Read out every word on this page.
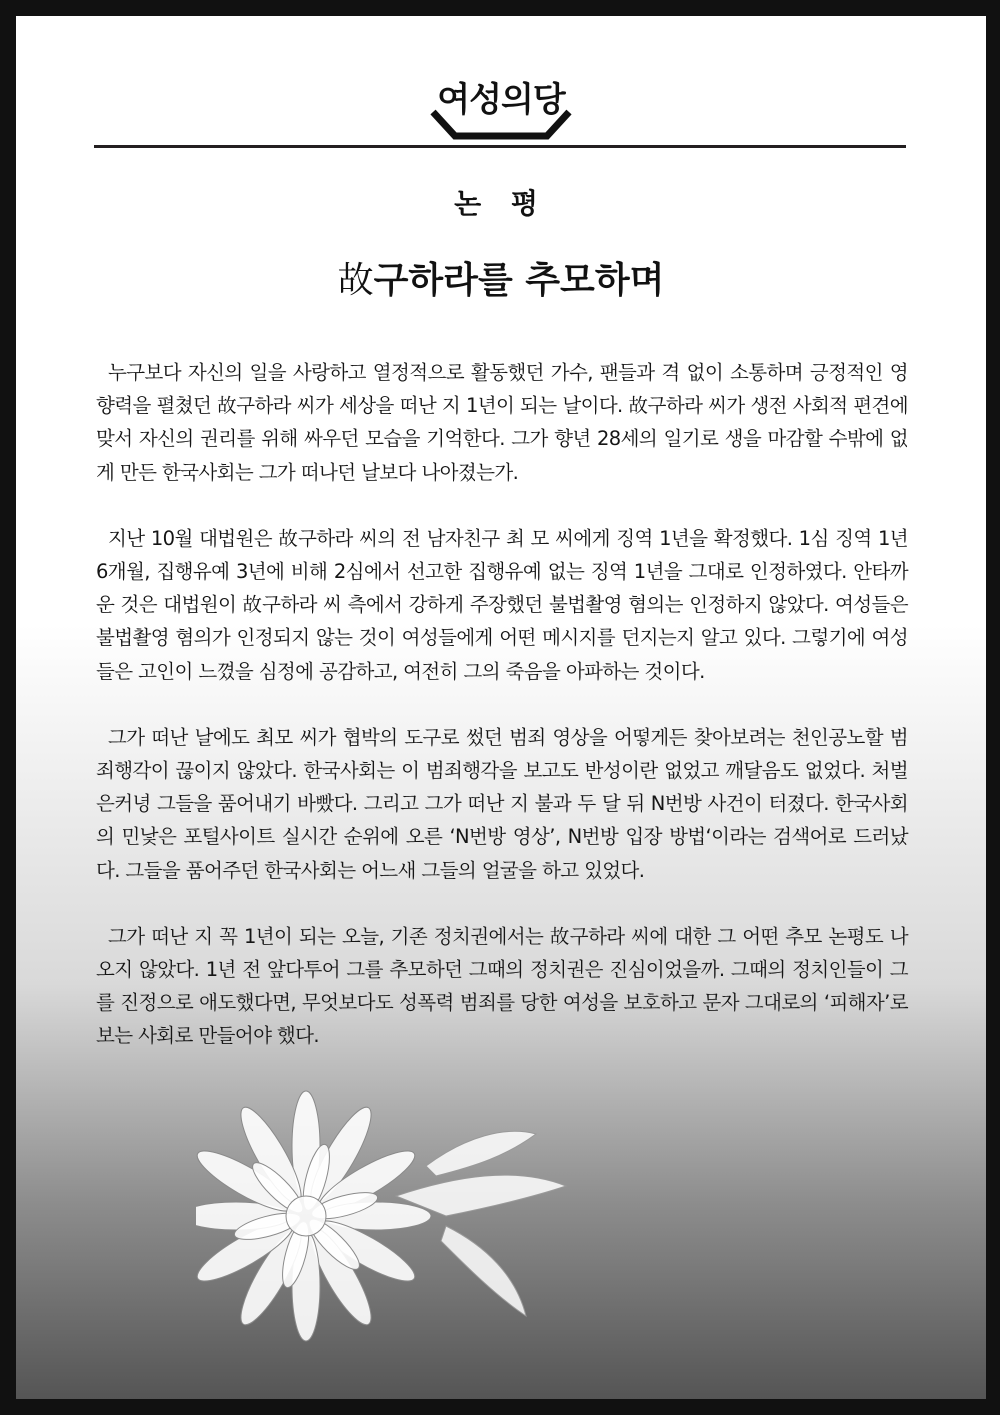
여성의당
논 평
故구하라를 추모하며

누구보다 자신의 일을 사랑하고 열정적으로 활동했던 가수, 팬들과 격 없이 소통하며 긍정적인 영향력을 펼쳤던 故구하라 씨가 세상을 떠난 지 1년이 되는 날이다. 故구하라 씨가 생전 사회적 편견에 맞서 자신의 권리를 위해 싸우던 모습을 기억한다. 그가 향년 28세의 일기로 생을 마감할 수밖에 없게 만든 한국사회는 그가 떠나던 날보다 나아졌는가.

지난 10월 대법원은 故구하라 씨의 전 남자친구 최 모 씨에게 징역 1년을 확정했다. 1심 징역 1년 6개월, 집행유예 3년에 비해 2심에서 선고한 집행유예 없는 징역 1년을 그대로 인정하였다. 안타까운 것은 대법원이 故구하라 씨 측에서 강하게 주장했던 불법촬영 혐의는 인정하지 않았다. 여성들은 불법촬영 혐의가 인정되지 않는 것이 여성들에게 어떤 메시지를 던지는지 알고 있다. 그렇기에 여성들은 고인이 느꼈을 심정에 공감하고, 여전히 그의 죽음을 아파하는 것이다.

그가 떠난 날에도 최모 씨가 협박의 도구로 썼던 범죄 영상을 어떻게든 찾아보려는 천인공노할 범죄행각이 끊이지 않았다. 한국사회는 이 범죄행각을 보고도 반성이란 없었고 깨달음도 없었다. 처벌은커녕 그들을 품어내기 바빴다. 그리고 그가 떠난 지 불과 두 달 뒤 N번방 사건이 터졌다. 한국사회의 민낯은 포털사이트 실시간 순위에 오른 ‘N번방 영상’, N번방 입장 방법‘이라는 검색어로 드러났다. 그들을 품어주던 한국사회는 어느새 그들의 얼굴을 하고 있었다.

그가 떠난 지 꼭 1년이 되는 오늘, 기존 정치권에서는 故구하라 씨에 대한 그 어떤 추모 논평도 나오지 않았다. 1년 전 앞다투어 그를 추모하던 그때의 정치권은 진심이었을까. 그때의 정치인들이 그를 진정으로 애도했다면, 무엇보다도 성폭력 범죄를 당한 여성을 보호하고 문자 그대로의 ‘피해자’로 보는 사회로 만들어야 했다.
